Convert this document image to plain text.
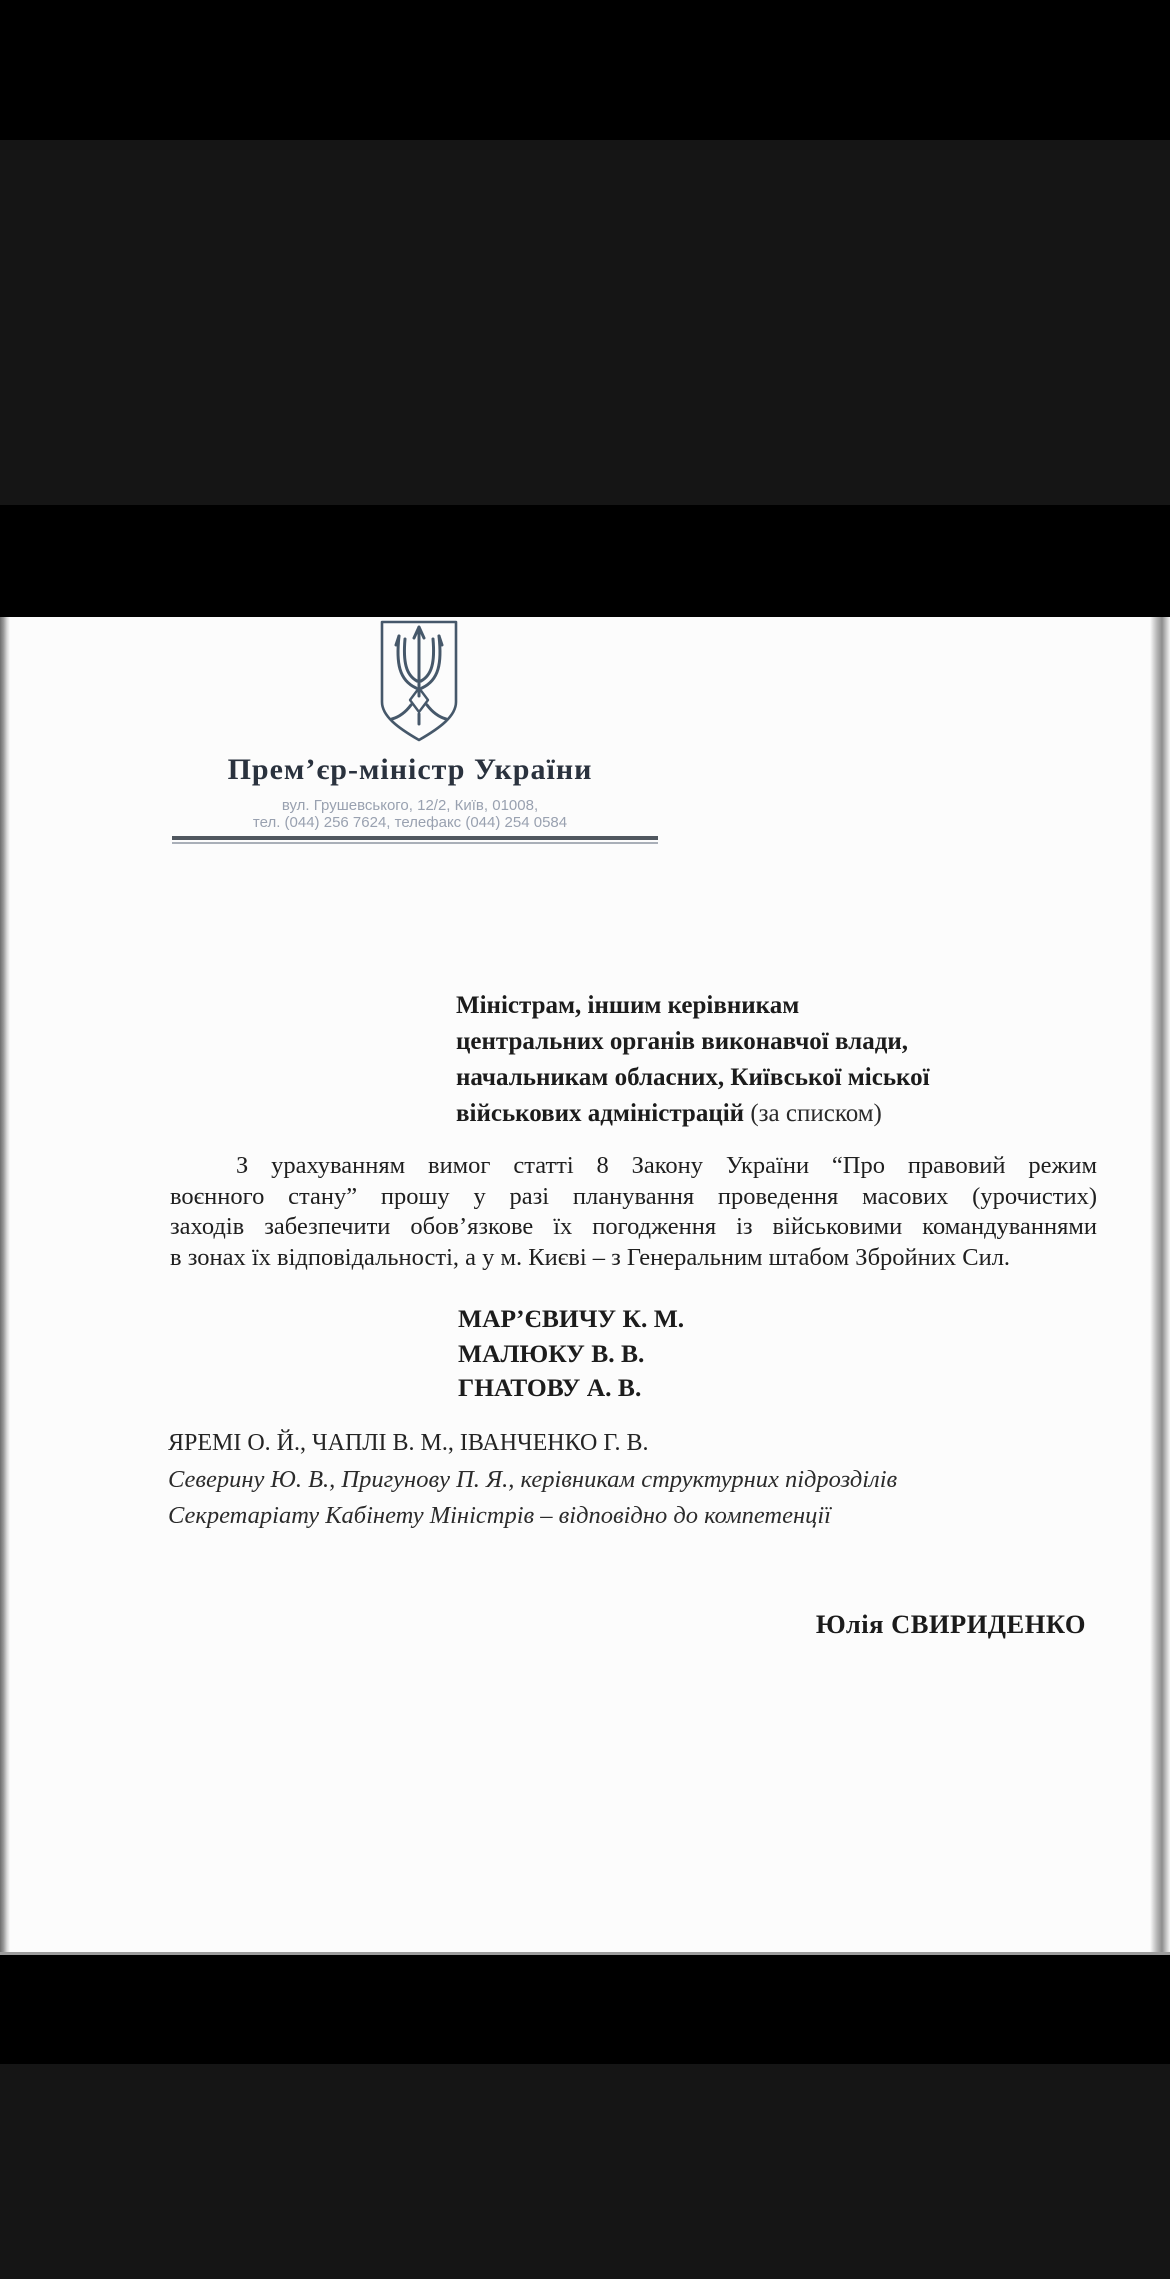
Прем’єр-міністр України
вул. Грушевського, 12/2, Київ, 01008,
тел. (044) 256 7624, телефакс (044) 254 0584
Міністрам, іншим керівникам
центральних органів виконавчої влади,
начальникам обласних, Київської міської
військових адміністрацій (за списком)
З урахуванням вимог статті 8 Закону України “Про правовий режим
воєнного стану” прошу у разі планування проведення масових (урочистих)
заходів забезпечити обов’язкове їх погодження із військовими командуваннями
в зонах їх відповідальності, а у м. Києві – з Генеральним штабом Збройних Сил.
МАР’ЄВИЧУ К. М.
МАЛЮКУ В. В.
ГНАТОВУ А. В.
ЯРЕМІ О. Й., ЧАПЛІ В. М., ІВАНЧЕНКО Г. В.
Северину Ю. В., Пригунову П. Я., керівникам структурних підрозділів
Секретаріату Кабінету Міністрів – відповідно до компетенції
Юлія СВИРИДЕНКО
